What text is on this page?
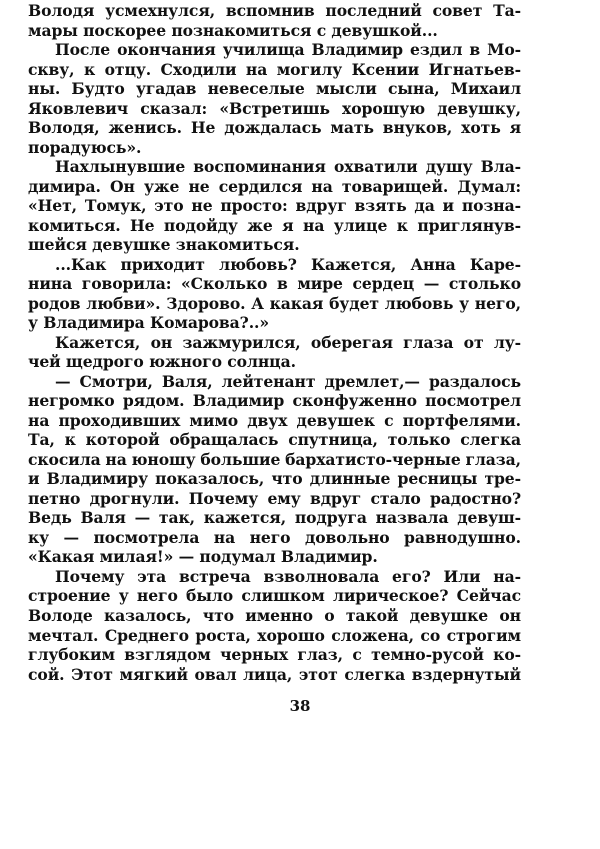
Володя усмехнулся, вспомнив последний совет Та-
мары поскорее познакомиться с девушкой...

После окончания училища Владимир ездил в Мо-
скву, к отцу. Сходили на могилу Ксении Игнатьев-
ны. Будто угадав невеселые мысли сына, Михаил
Яковлевич сказал: «Встретишь хорошую девушку,
Володя, женись. Не дождалась мать внуков, хоть я
порадуюсь».

Нахлынувшие воспоминания охватили душу Вла-
димира. Он уже не сердился на товарищей. Думал:
«Нет, Томук, это не просто: вдруг взять да и позна-
комиться. Не подойду же я на улице к приглянув-
шейся девушке знакомиться.

...Как приходит любовь? Кажется, Анна Каре-
нина говорила: «Сколько в мире сердец — столько
родов любви». Здорово. А какая будет любовь у него,
у Владимира Комарова?..»

Кажется, он зажмурился, оберегая глаза от лу-
чей щедрого южного солнца.

— Смотри, Валя, лейтенант дремлет,— раздалось
негромко рядом. Владимир сконфуженно посмотрел
на проходивших мимо двух девушек с портфелями.
Та, к которой обращалась спутница, только слегка
скосила на юношу большие бархатисто-черные глаза,
и Владимиру показалось, что длинные ресницы тре-
петно дрогнули. Почему ему вдруг стало радостно?
Ведь Валя — так, кажется, подруга назвала девуш-
ку — посмотрела на него довольно равнодушно.
«Какая милая!» — подумал Владимир.

Почему эта встреча взволновала его? Или на-
строение у него было слишком лирическое? Сейчас
Володе казалось, что именно о такой девушке он
мечтал. Среднего роста, хорошо сложена, со строгим
глубоким взглядом черных глаз, с темно-русой ко-
сой. Этот мягкий овал лица, этот слегка вздернутый

38
